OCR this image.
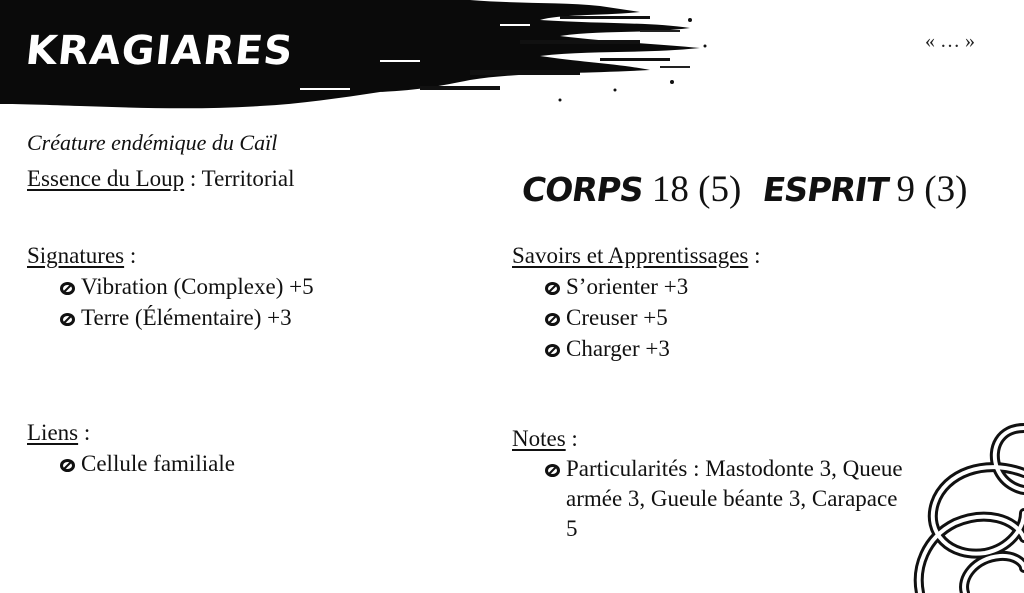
KRAGIARES	« … »
Créature endémique du Caïl
Essence du Loup : Territorial	CORPS 18 (5) ESPRIT 9 (3)
Signatures :
Vibration (Complexe) +5
Terre (Élémentaire) +3
Liens :
Cellule familiale
Savoirs et Apprentissages :
S’orienter +3
Creuser +5
Charger +3
Notes :
Particularités : Mastodonte 3, Queue armée 3, Gueule béante 3, Carapace 5
